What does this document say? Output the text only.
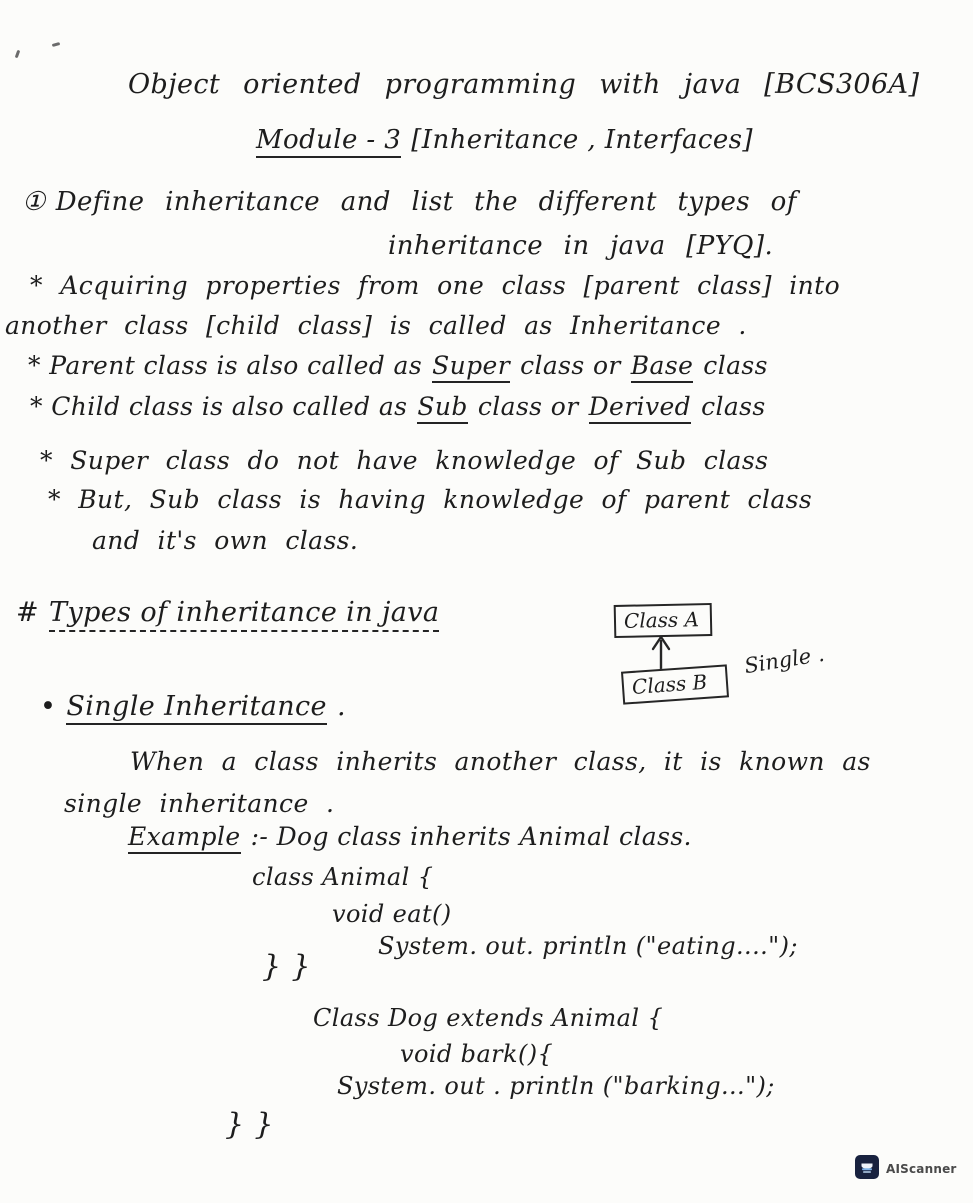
Object oriented programming with java [BCS306A]
Module - 3 [Inheritance , Interfaces]
① Define inheritance and list the different types of
inheritance in java [PYQ].
* Acquiring properties from one class [parent class] into
another class [child class] is called as Inheritance .
* Parent class is also called as Super class or Base class
* Child class is also called as Sub class or Derived class
* Super class do not have knowledge of Sub class
* But, Sub class is having knowledge of parent class
and it's own class.
# Types of inheritance in java	Class A
Class B
Single .
• Single Inheritance .
When a class inherits another class, it is known as
single inheritance .
Example :- Dog class inherits Animal class.
class Animal {
void eat()
System. out. println ("eating....");
} }
Class Dog extends Animal {
void bark(){
System. out . println ("barking...");
} }
AIScanner
